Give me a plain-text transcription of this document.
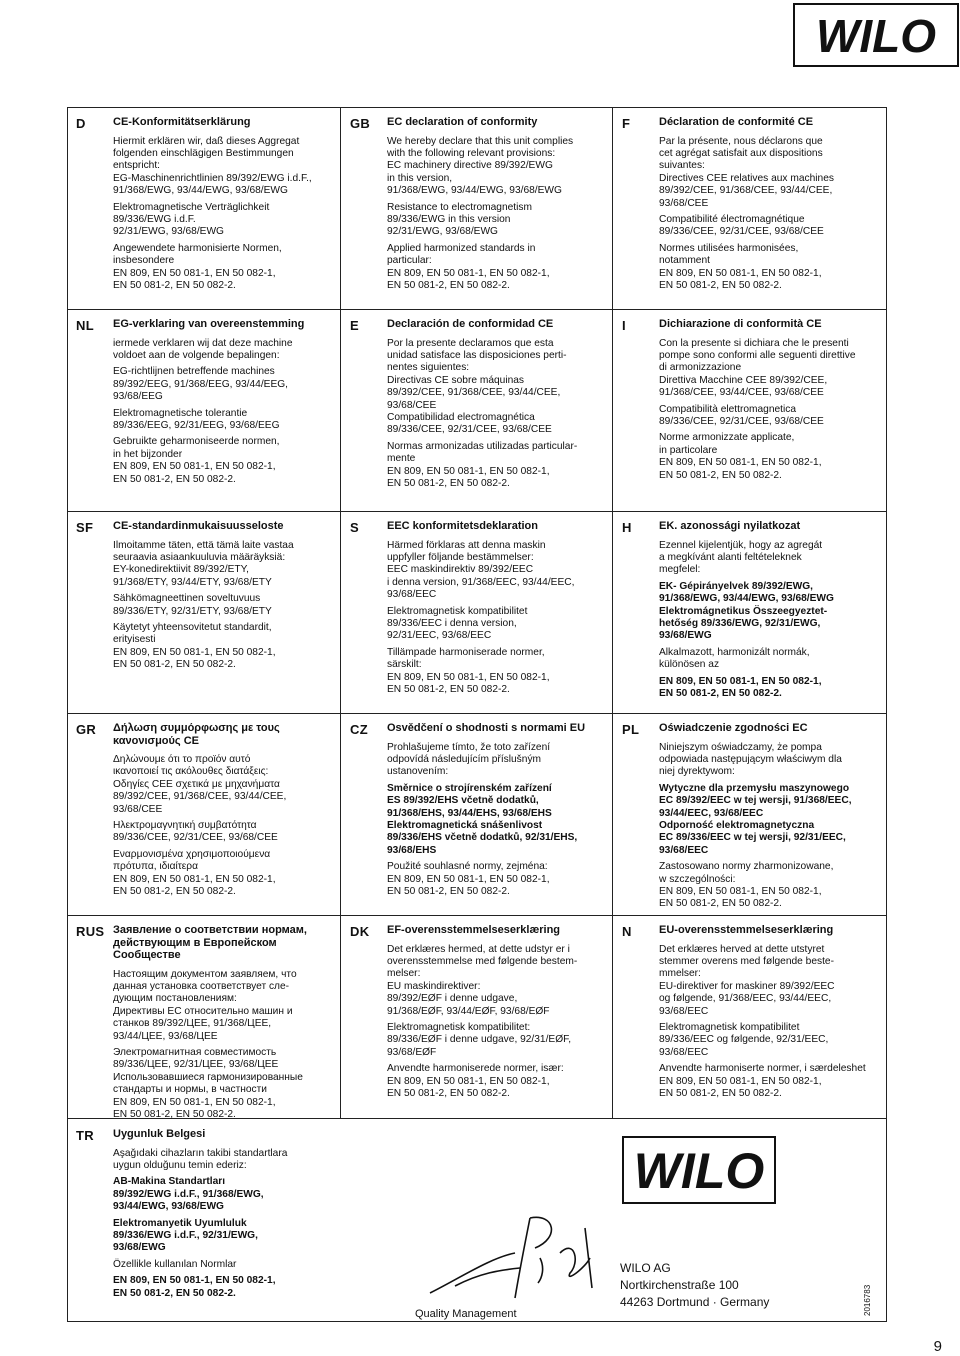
WILO
D CE-Konformitätserklärung
Hiermit erklären wir, daß dieses Aggregat
folgenden einschlägigen Bestimmungen
entspricht:
EG-Maschinenrichtlinien 89/392/EWG i.d.F.,
91/368/EWG, 93/44/EWG, 93/68/EWG
Elektromagnetische Verträglichkeit
89/336/EWG i.d.F.
92/31/EWG, 93/68/EWG
Angewendete harmonisierte Normen,
insbesondere
EN 809, EN 50 081-1, EN 50 082-1,
EN 50 081-2, EN 50 082-2.
GB EC declaration of conformity
We hereby declare that this unit complies
with the following relevant provisions:
EC machinery directive 89/392/EWG
in this version,
91/368/EWG, 93/44/EWG, 93/68/EWG
Resistance to electromagnetism
89/336/EWG in this version
92/31/EWG, 93/68/EWG
Applied harmonized standards in
particular:
EN 809, EN 50 081-1, EN 50 082-1,
EN 50 081-2, EN 50 082-2.
F	Déclaration de conformité CE
Par la présente, nous déclarons que
cet agrégat satisfait aux dispositions
suivantes:
Directives CEE relatives aux machines
89/392/CEE, 91/368/CEE, 93/44/CEE,
93/68/CEE
Compatibilité électromagnétique
89/336/CEE, 92/31/CEE, 93/68/CEE
Normes utilisées harmonisées,
notamment
EN 809, EN 50 081-1, EN 50 082-1,
EN 50 081-2, EN 50 082-2.
NL EG-verklaring van overeenstemming
iermede verklaren wij dat deze machine
voldoet aan de volgende bepalingen:
EG-richtlijnen betreffende machines
89/392/EEG, 91/368/EEG, 93/44/EEG,
93/68/EEG
Elektromagnetische tolerantie
89/336/EEG, 92/31/EEG, 93/68/EEG
Gebruikte geharmoniseerde normen,
in het bijzonder
EN 809, EN 50 081-1, EN 50 082-1,
EN 50 081-2, EN 50 082-2.
E	Declaración de conformidad CE
Por la presente declaramos que esta
unidad satisface las disposiciones perti-
nentes siguientes:
Directivas CE sobre máquinas
89/392/CEE, 91/368/CEE, 93/44/CEE,
93/68/CEE
Compatibilidad electromagnética
89/336/CEE, 92/31/CEE, 93/68/CEE
Normas armonizadas utilizadas particular-
mente
EN 809, EN 50 081-1, EN 50 082-1,
EN 50 081-2, EN 50 082-2.
I	Dichiarazione di conformità CE
Con la presente si dichiara che le presenti
pompe sono conformi alle seguenti direttive
di armonizzazione
Direttiva Macchine CEE 89/392/CEE,
91/368/CEE, 93/44/CEE, 93/68/CEE
Compatibilità elettromagnetica
89/336/CEE, 92/31/CEE, 93/68/CEE
Norme armonizzate applicate,
in particolare
EN 809, EN 50 081-1, EN 50 082-1,
EN 50 081-2, EN 50 082-2.
SF CE-standardinmukaisuusseloste
Ilmoitamme täten, että tämä laite vastaa
seuraavia asiaankuuluvia määräyksiä:
EY-konedirektiivit 89/392/ETY,
91/368/ETY, 93/44/ETY, 93/68/ETY
Sähkömagneettinen soveltuvuus
89/336/ETY, 92/31/ETY, 93/68/ETY
Käytetyt yhteensovitetut standardit,
erityisesti
EN 809, EN 50 081-1, EN 50 082-1,
EN 50 081-2, EN 50 082-2.
S	EEC konformitetsdeklaration
Härmed förklaras att denna maskin
uppfyller följande bestämmelser:
EEC maskindirektiv 89/392/EEC
i denna version, 91/368/EEC, 93/44/EEC,
93/68/EEC
Elektromagnetisk kompatibilitet
89/336/EEC i denna version,
92/31/EEC, 93/68/EEC
Tillämpade harmoniserade normer,
särskilt:
EN 809, EN 50 081-1, EN 50 082-1,
EN 50 081-2, EN 50 082-2.
H EK. azonossági nyilatkozat
Ezennel kijelentjük, hogy az agregát
a megkívánt alanti feltételeknek
megfelel:
EK- Gépirányelvek 89/392/EWG,
91/368/EWG, 93/44/EWG, 93/68/EWG
Elektromágnetikus Összeegyeztet-
hetőség 89/336/EWG, 92/31/EWG,
93/68/EWG
Alkalmazott, harmonizált normák,
különösen az
EN 809, EN 50 081-1, EN 50 082-1,
EN 50 081-2, EN 50 082-2.
GR Δήλωση συμμόρφωσης με τους
κανονισμούς CE
Δηλώνουμε ότι το προϊόν αυτό
ικανοποιεί τις ακόλουθες διατάξεις:
Οδηγίες CEE σχετικά με μηχανήματα
89/392/CEE, 91/368/CEE, 93/44/CEE,
93/68/CEE
Ηλεκτρομαγνητική συμβατότητα
89/336/CEE, 92/31/CEE, 93/68/CEE
Εναρμονισμένα χρησιμοποιούμενα
πρότυπα, ιδιαίτερα
EN 809, EN 50 081-1, EN 50 082-1,
EN 50 081-2, EN 50 082-2.
CZ Osvědčení o shodnosti s normami EU
Prohlašujeme tímto, že toto zařízení
odpovídá následujícím příslušným
ustanovením:
Směrnice o strojírenském zařízení
ES 89/392/EHS včetně dodatků,
91/368/EHS, 93/44/EHS, 93/68/EHS
Elektromagnetická snášenlivost
89/336/EHS včetně dodatků, 92/31/EHS,
93/68/EHS
Použité souhlasné normy, zejména:
EN 809, EN 50 081-1, EN 50 082-1,
EN 50 081-2, EN 50 082-2.
PL Oświadczenie zgodności EC
Niniejszym oświadczamy, że pompa
odpowiada następującym właściwym dla
niej dyrektywom:
Wytyczne dla przemysłu maszynowego
EC 89/392/EEC w tej wersji, 91/368/EEC,
93/44/EEC, 93/68/EEC
Odporność elektromagnetyczna
EC 89/336/EEC w tej wersji, 92/31/EEC,
93/68/EEC
Zastosowano normy zharmonizowane,
w szczególności:
EN 809, EN 50 081-1, EN 50 082-1,
EN 50 081-2, EN 50 082-2.
RUS Заявление о соответствии нормам,
действующим в Европейском
Сообществе
Настоящим документом заявляем, что
данная установка соответствует сле-
дующим постановлениям:
Директивы ЕС относительно машин и
станков 89/392/ЦЕЕ, 91/368/ЦЕЕ,
93/44/ЦЕЕ, 93/68/ЦЕЕ
Электромагнитная совместимость
89/336/ЦЕЕ, 92/31/ЦЕЕ, 93/68/ЦЕЕ
Использовавшиеся гармонизированные
стандарты и нормы, в частности
EN 809, EN 50 081-1, EN 50 082-1,
EN 50 081-2, EN 50 082-2.
DK EF-overensstemmelseserklæring
Det erklæres hermed, at dette udstyr er i
overensstemmelse med følgende bestem-
melser:
EU maskindirektiver:
89/392/EØF i denne udgave,
91/368/EØF, 93/44/EØF, 93/68/EØF
Elektromagnetisk kompatibilitet:
89/336/EØF i denne udgave, 92/31/EØF,
93/68/EØF
Anvendte harmoniserede normer, især:
EN 809, EN 50 081-1, EN 50 082-1,
EN 50 081-2, EN 50 082-2.
N EU-overensstemmelseserklæring
Det erklæres herved at dette utstyret
stemmer overens med følgende beste-
mmelser:
EU-direktiver for maskiner 89/392/EEC
og følgende, 91/368/EEC, 93/44/EEC,
93/68/EEC
Elektromagnetisk kompatibilitet
89/336/EEC og følgende, 92/31/EEC,
93/68/EEC
Anvendte harmoniserte normer, i særdeleshet
EN 809, EN 50 081-1, EN 50 082-1,
EN 50 081-2, EN 50 082-2.
TR Uygunluk Belgesi
Aşağıdaki cihazların takibi standartlara
uygun olduğunu temin ederiz:
AB-Makina Standartları
89/392/EWG i.d.F., 91/368/EWG,
93/44/EWG, 93/68/EWG
Elektromanyetik Uyumluluk
89/336/EWG i.d.F., 92/31/EWG,
93/68/EWG
Özellikle kullanılan Normlar
EN 809, EN 50 081-1, EN 50 082-1,
EN 50 081-2, EN 50 082-2.
WILO
Quality Management
WILO AG
Nortkirchenstraße 100
44263 Dortmund · Germany	2016783
9
